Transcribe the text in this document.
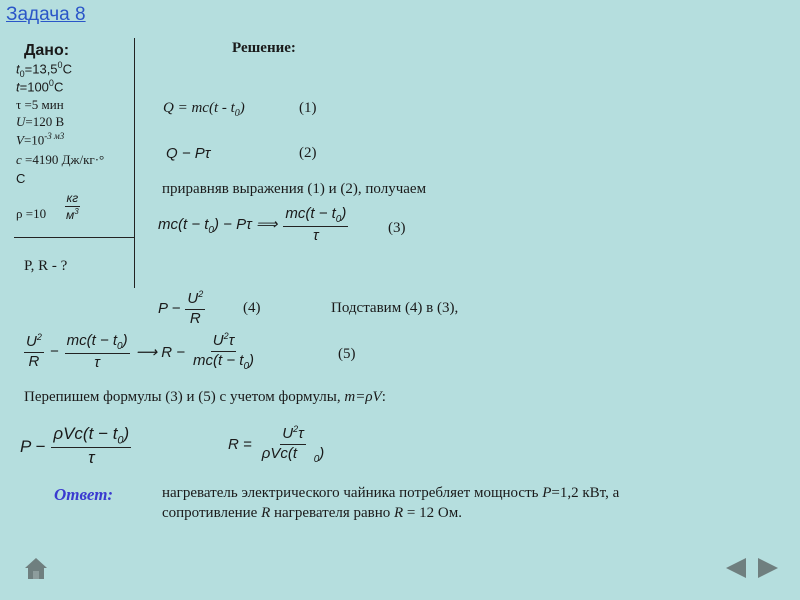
Задача 8
Дано:
$t_0=13,5^0С$
$t=100^0С$
τ =5 мин
U=120 В
$V=10^{-3 м3}$
с =4190 Дж/кг·°
С
$\rho =10 \frac{кг}{м^3}$
P, R - ?
Решение:
$Q = mc(t - t_0)$	(1)
Q − Pτ	(2)
приравняв выражения (1) и (2), получаем
$mc(t - t_0) - P\tau$ ⟹ $\frac{mc(t - t_0)}{\tau}$	(3)
$P - \frac{U^2}{R}$	(4)	Подставим (4) в (3),
$\frac{U^2}{R} - \frac{mc(t - t_0)}{\tau}$ ⟶ $R - \frac{U^2\tau}{mc(t - t_0)}$	(5)
Перепишем формулы (3) и (5) с учетом формулы, m=ρV:
$P - \frac{\rho Vc(t - t_0)}{\tau}$	$R = \frac{U^2\tau}{\rho Vc(t _0)}$
Ответ:	нагреватель электрического чайника потребляет мощность P=1,2 кВт, а
сопротивление R нагревателя равно R = 12 Ом.
